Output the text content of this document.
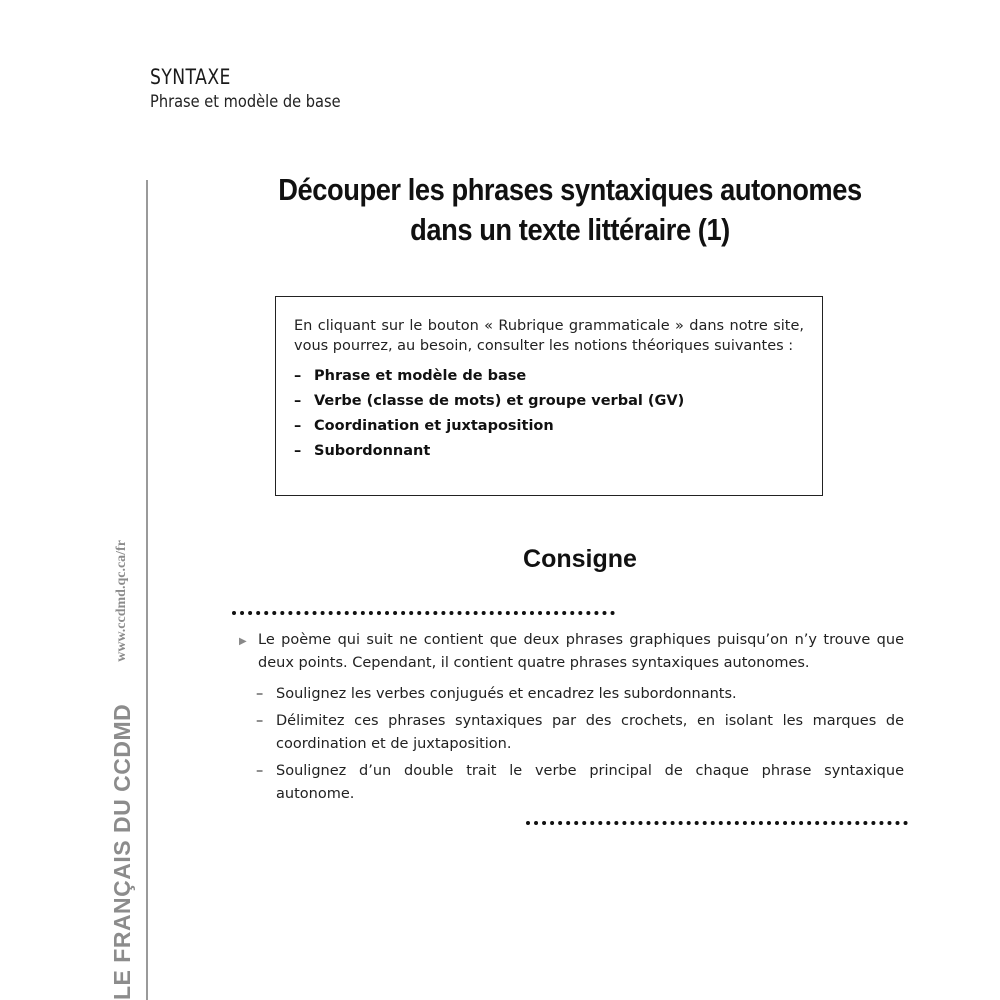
SYNTAXE
Phrase et modèle de base
LE FRANÇAIS DU CCDMD
www.ccdmd.qc.ca/fr
Découper les phrases syntaxiques autonomes
dans un texte littéraire (1)

En cliquant sur le bouton « Rubrique grammaticale » dans notre site, vous pourrez, au besoin, consulter les notions théoriques suivantes :

– Phrase et modèle de base
– Verbe (classe de mots) et groupe verbal (GV)
– Coordination et juxtaposition
– Subordonnant
Consigne
▶ Le poème qui suit ne contient que deux phrases graphiques puisqu’on n’y trouve que deux points. Cependant, il contient quatre phrases syntaxiques autonomes.
– Soulignez les verbes conjugués et encadrez les subordonnants.
– Délimitez ces phrases syntaxiques par des crochets, en isolant les marques de coordination et de juxtaposition.
– Soulignez d’un double trait le verbe principal de chaque phrase syntaxique autonome.
